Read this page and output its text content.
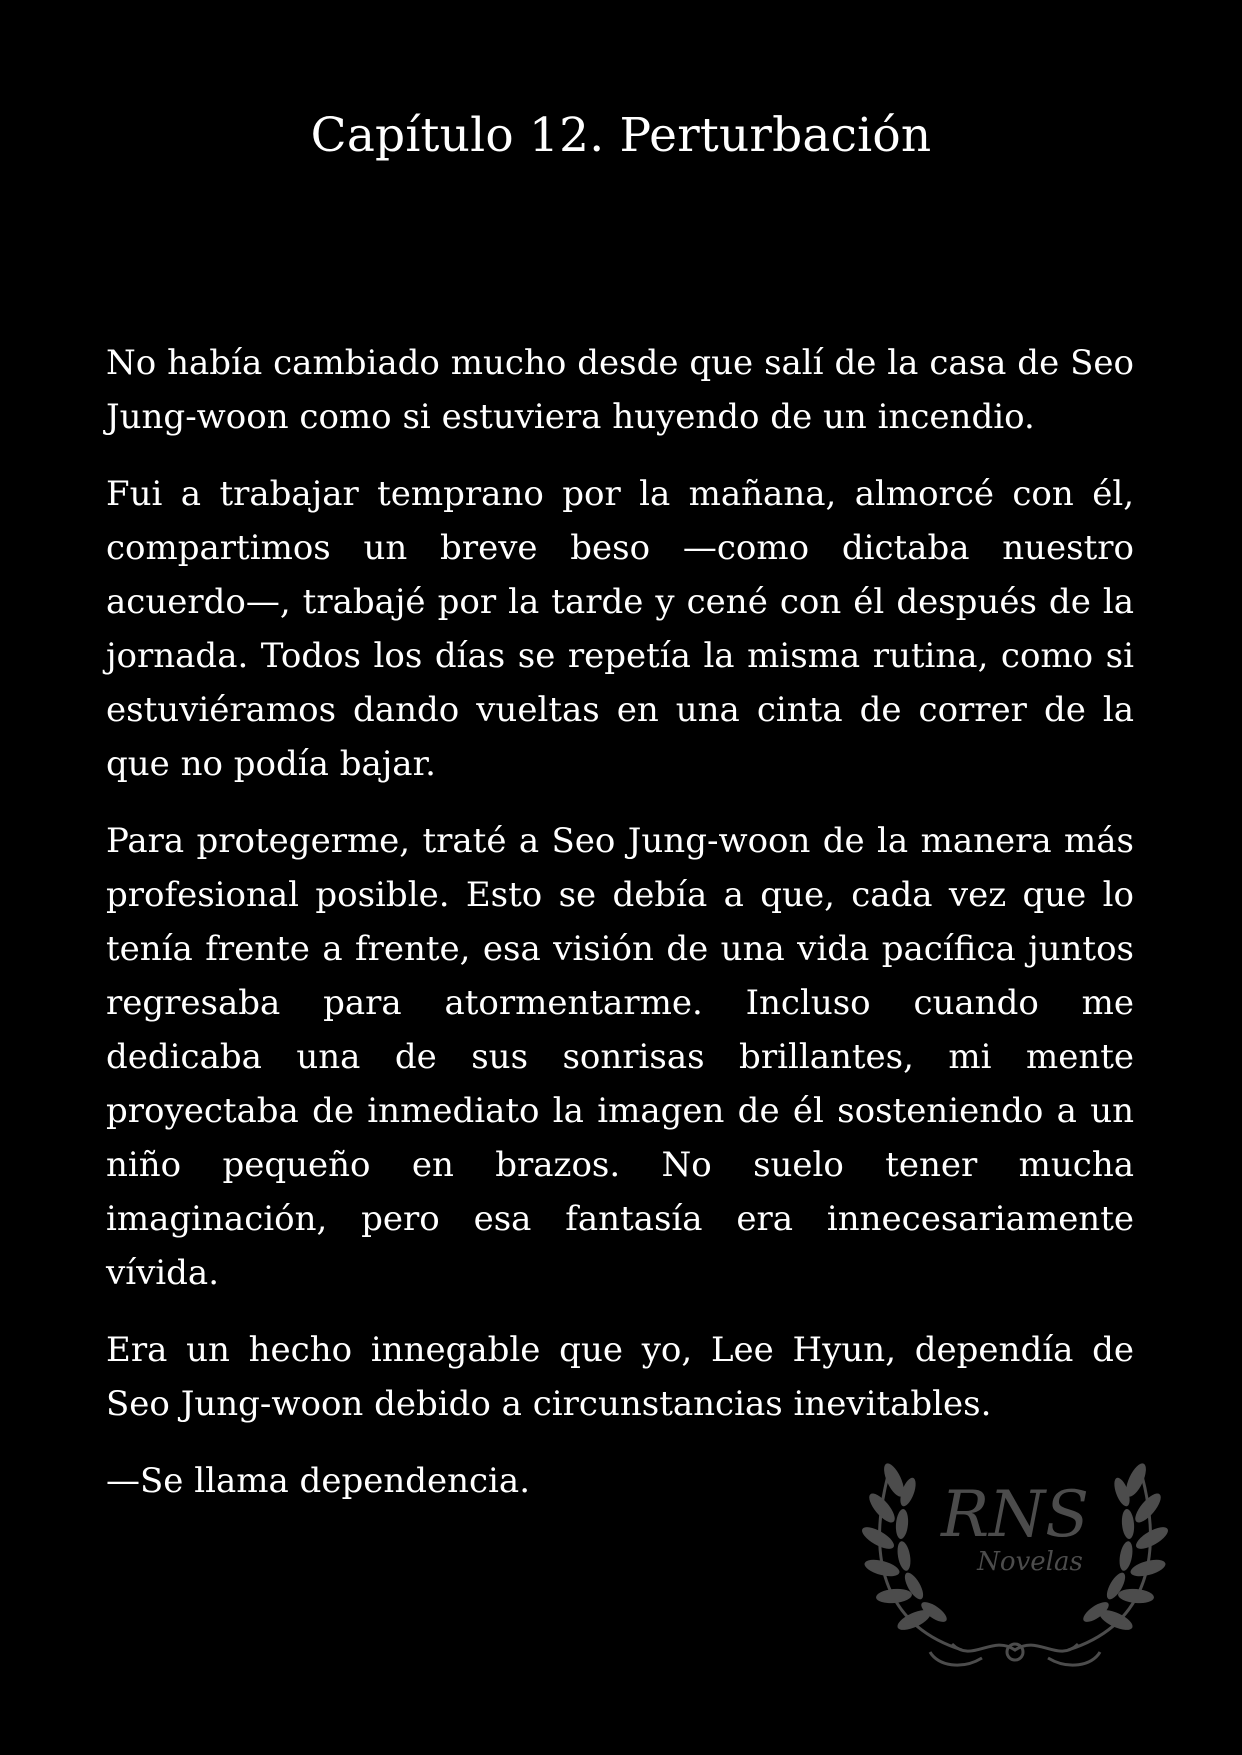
Capítulo 12. Perturbación

No había cambiado mucho desde que salí de la casa de Seo Jung-woon como si estuviera huyendo de un incendio.

Fui a trabajar temprano por la mañana, almorcé con él, compartimos un breve beso —como dictaba nuestro acuerdo—, trabajé por la tarde y cené con él después de la jornada. Todos los días se repetía la misma rutina, como si estuviéramos dando vueltas en una cinta de correr de la que no podía bajar.

Para protegerme, traté a Seo Jung-woon de la manera más profesional posible. Esto se debía a que, cada vez que lo tenía frente a frente, esa visión de una vida pacífica juntos regresaba para atormentarme. Incluso cuando me dedicaba una de sus sonrisas brillantes, mi mente proyectaba de inmediato la imagen de él sosteniendo a un niño pequeño en brazos. No suelo tener mucha imaginación, pero esa fantasía era innecesariamente vívida.

Era un hecho innegable que yo, Lee Hyun, dependía de Seo Jung-woon debido a circunstancias inevitables.

—Se llama dependencia.	RNS
Novelas
